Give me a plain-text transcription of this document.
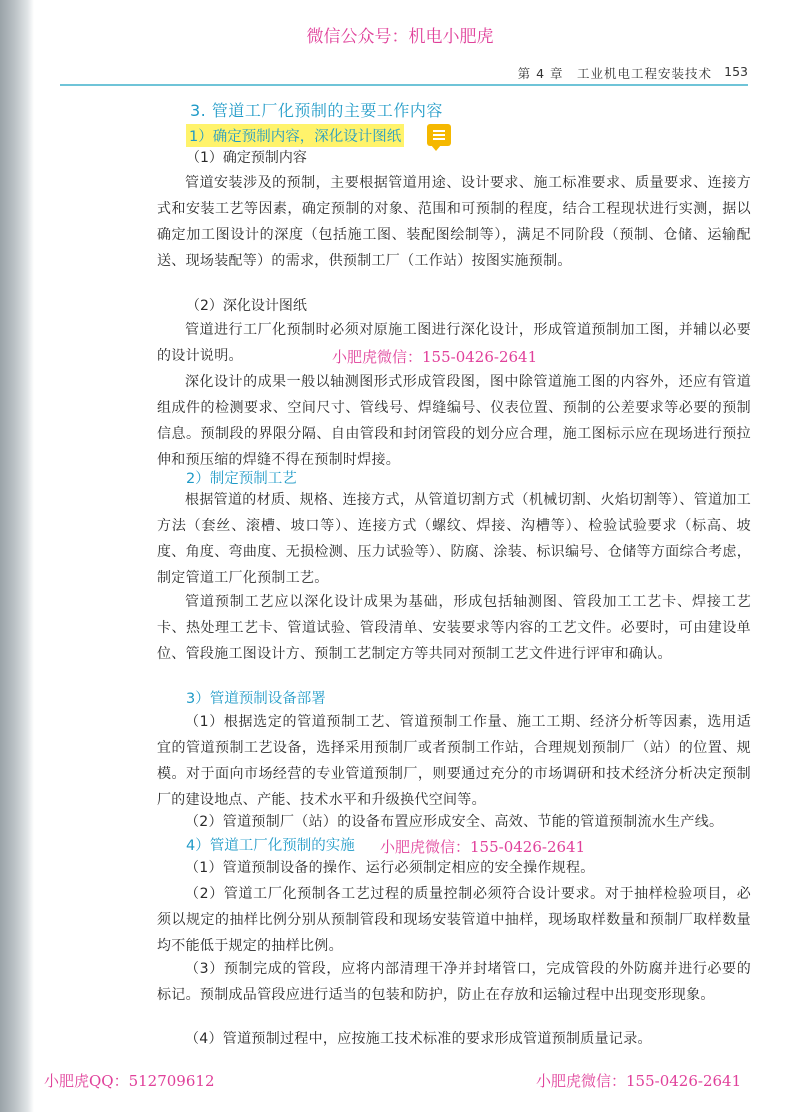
微信公众号：机电小肥虎
第 4 章　工业机电工程安装技术 153
3. 管道工厂化预制的主要工作内容
1）确定预制内容，深化设计图纸
（1）确定预制内容
管道安装涉及的预制，主要根据管道用途、设计要求、施工标准要求、质量要求、连接方式和安装工艺等因素，确定预制的对象、范围和可预制的程度，结合工程现状进行实测，据以确定加工图设计的深度（包括施工图、装配图绘制等），满足不同阶段（预制、仓储、运输配送、现场装配等）的需求，供预制工厂（工作站）按图实施预制。
（2）深化设计图纸
管道进行工厂化预制时必须对原施工图进行深化设计，形成管道预制加工图，并辅以必要的设计说明。	小肥虎微信：155-0426-2641
深化设计的成果一般以轴测图形式形成管段图，图中除管道施工图的内容外，还应有管道组成件的检测要求、空间尺寸、管线号、焊缝编号、仪表位置、预制的公差要求等必要的预制信息。预制段的界限分隔、自由管段和封闭管段的划分应合理，施工图标示应在现场进行预拉伸和预压缩的焊缝不得在预制时焊接。
2）制定预制工艺
根据管道的材质、规格、连接方式，从管道切割方式（机械切割、火焰切割等）、管道加工方法（套丝、滚槽、坡口等）、连接方式（螺纹、焊接、沟槽等）、检验试验要求（标高、坡度、角度、弯曲度、无损检测、压力试验等）、防腐、涂装、标识编号、仓储等方面综合考虑，制定管道工厂化预制工艺。
管道预制工艺应以深化设计成果为基础，形成包括轴测图、管段加工工艺卡、焊接工艺卡、热处理工艺卡、管道试验、管段清单、安装要求等内容的工艺文件。必要时，可由建设单位、管段施工图设计方、预制工艺制定方等共同对预制工艺文件进行评审和确认。
3）管道预制设备部署
（1）根据选定的管道预制工艺、管道预制工作量、施工工期、经济分析等因素，选用适宜的管道预制工艺设备，选择采用预制厂或者预制工作站，合理规划预制厂（站）的位置、规模。对于面向市场经营的专业管道预制厂，则要通过充分的市场调研和技术经济分析决定预制厂的建设地点、产能、技术水平和升级换代空间等。
（2）管道预制厂（站）的设备布置应形成安全、高效、节能的管道预制流水生产线。
4）管道工厂化预制的实施 小肥虎微信：155-0426-2641
（1）管道预制设备的操作、运行必须制定相应的安全操作规程。
（2）管道工厂化预制各工艺过程的质量控制必须符合设计要求。对于抽样检验项目，必须以规定的抽样比例分别从预制管段和现场安装管道中抽样，现场取样数量和预制厂取样数量均不能低于规定的抽样比例。
（3）预制完成的管段，应将内部清理干净并封堵管口，完成管段的外防腐并进行必要的标记。预制成品管段应进行适当的包装和防护，防止在存放和运输过程中出现变形现象。
（4）管道预制过程中，应按施工技术标准的要求形成管道预制质量记录。
小肥虎QQ：512709612	小肥虎微信：155-0426-2641
